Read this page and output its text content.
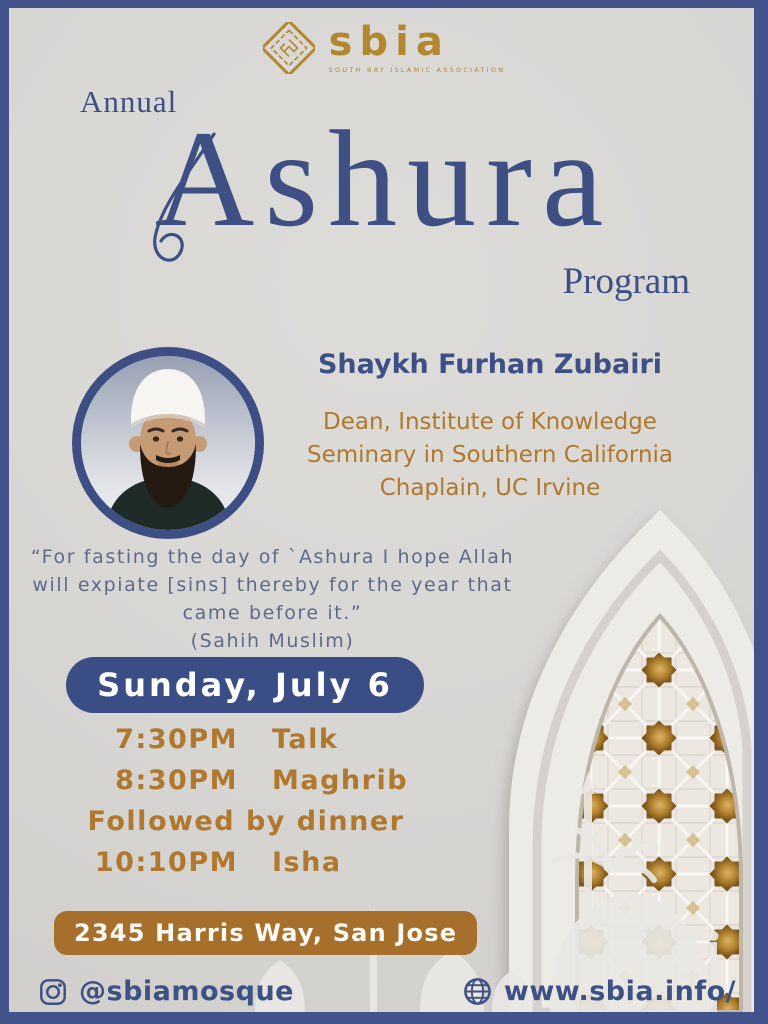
sbia
SOUTH BAY ISLAMIC ASSOCIATION
Annual
Ashura
Program
Shaykh Furhan Zubairi
Dean, Institute of Knowledge
Seminary in Southern California
Chaplain, UC Irvine
“For fasting the day of `Ashura I hope Allah
will expiate [sins] thereby for the year that
came before it.”
(Sahih Muslim)
Sunday, July 6
7:30PM Talk
8:30PM Maghrib
Followed by dinner
10:10PM Isha
2345 Harris Way, San Jose
@sbiamosque	www.sbia.info/
